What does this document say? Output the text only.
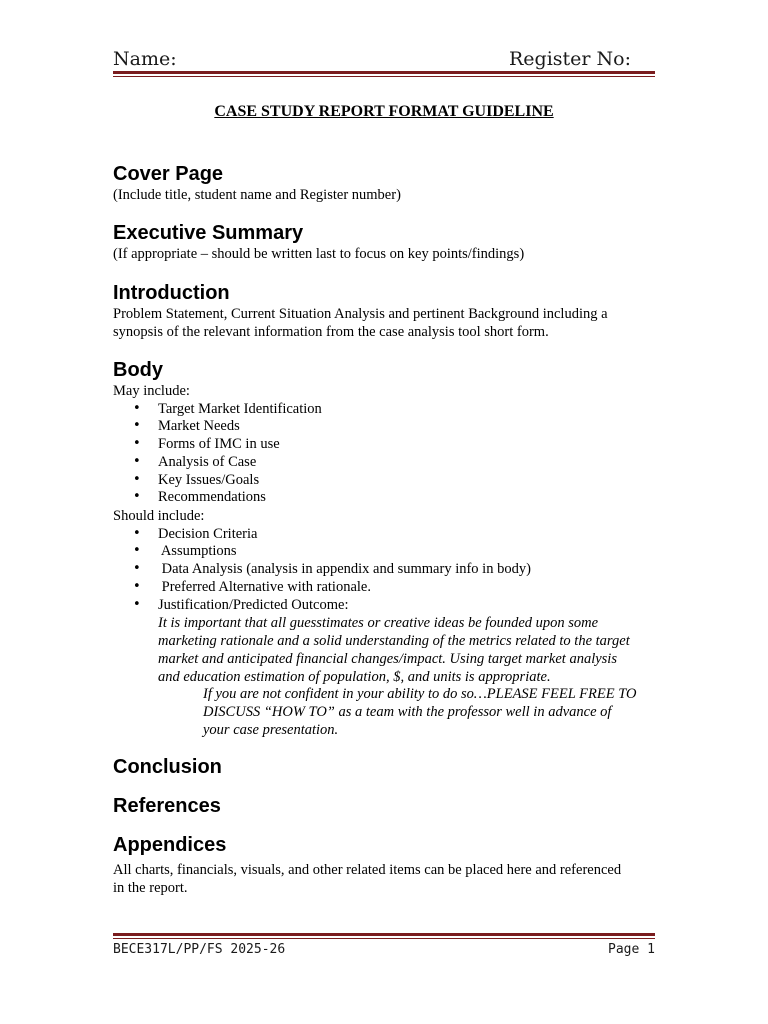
Name:	Register No:
CASE STUDY REPORT FORMAT GUIDELINE
Cover Page
(Include title, student name and Register number)
Executive Summary
(If appropriate – should be written last to focus on key points/findings)
Introduction
Problem Statement, Current Situation Analysis and pertinent Background including a
synopsis of the relevant information from the case analysis tool short form.
Body
May include:
• Target Market Identification
• Market Needs
• Forms of IMC in use
• Analysis of Case
• Key Issues/Goals
• Recommendations
Should include:
• Decision Criteria
• Assumptions
• Data Analysis (analysis in appendix and summary info in body)
• Preferred Alternative with rationale.
• Justification/Predicted Outcome:
It is important that all guesstimates or creative ideas be founded upon some
marketing rationale and a solid understanding of the metrics related to the target
market and anticipated financial changes/impact. Using target market analysis
and education estimation of population, $, and units is appropriate.
If you are not confident in your ability to do so…PLEASE FEEL FREE TO
DISCUSS “HOW TO” as a team with the professor well in advance of
your case presentation.
Conclusion
References
Appendices
All charts, financials, visuals, and other related items can be placed here and referenced
in the report.
BECE317L/PP/FS 2025-26	Page 1
